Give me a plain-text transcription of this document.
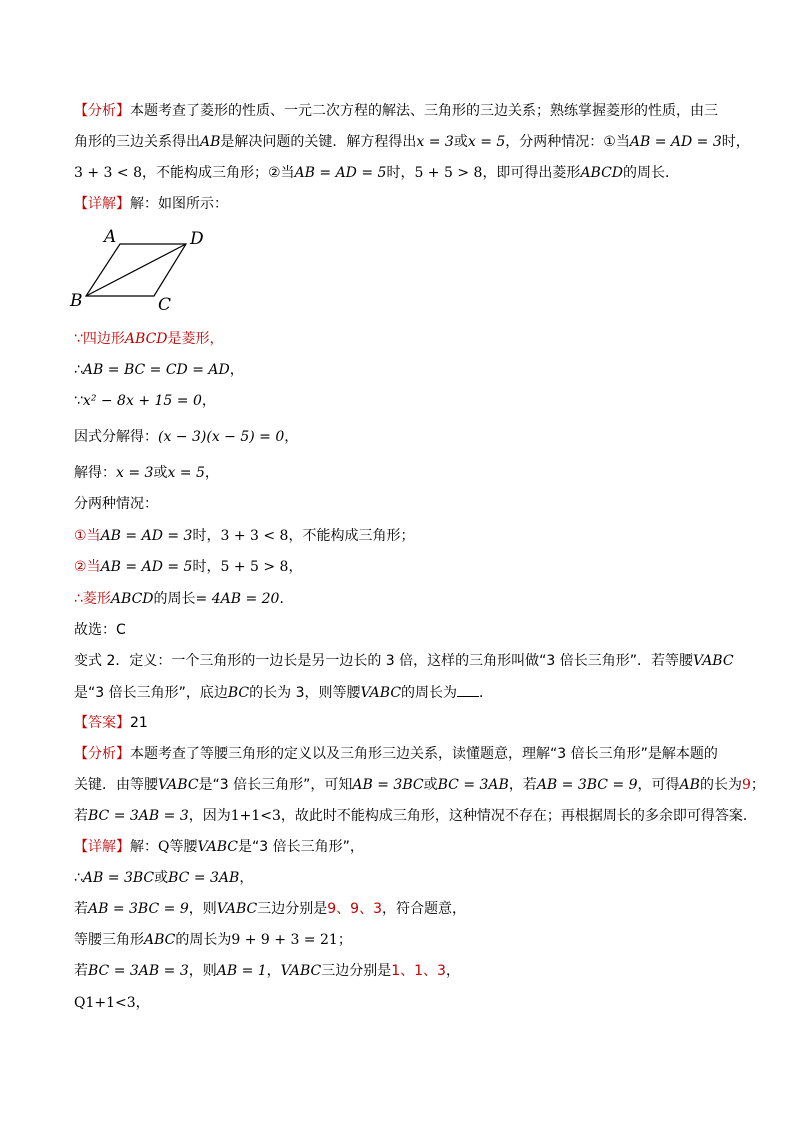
【分析】本题考查了菱形的性质、一元二次方程的解法、三角形的三边关系；熟练掌握菱形的性质，由三
角形的三边关系得出AB是解决问题的关键．解方程得出x = 3或x = 5，分两种情况：①当AB = AD = 3时，
3 + 3 < 8，不能构成三角形；②当AB = AD = 5时，5 + 5 > 8，即可得出菱形ABCD的周长．
【详解】解：如图所示：
A	D
B	C
∵四边形ABCD是菱形，
∴AB = BC = CD = AD，
∵x² − 8x + 15 = 0，
因式分解得：(x − 3)(x − 5) = 0，
解得：x = 3或x = 5，
分两种情况：
①当AB = AD = 3时，3 + 3 < 8，不能构成三角形；
②当AB = AD = 5时，5 + 5 > 8，
∴菱形ABCD的周长= 4AB = 20．
故选：C
变式 2．定义：一个三角形的一边长是另一边长的 3 倍，这样的三角形叫做“3 倍长三角形”．若等腰VABC
是“3 倍长三角形”，底边BC的长为 3，则等腰VABC的周长为 ．
【答案】21
【分析】本题考查了等腰三角形的定义以及三角形三边关系，读懂题意，理解“3 倍长三角形”是解本题的
关键．由等腰VABC是“3 倍长三角形”，可知AB = 3BC或BC = 3AB，若AB = 3BC = 9，可得AB的长为9；
若BC = 3AB = 3，因为1+1<3，故此时不能构成三角形，这种情况不存在；再根据周长的多余即可得答案．
【详解】解：Q等腰VABC是“3 倍长三角形”，
∴AB = 3BC或BC = 3AB，
若AB = 3BC = 9，则VABC三边分别是9、9、3，符合题意，
等腰三角形ABC的周长为9 + 9 + 3 = 21；
若BC = 3AB = 3，则AB = 1，VABC三边分别是1、1、3，
Q1+1<3，
